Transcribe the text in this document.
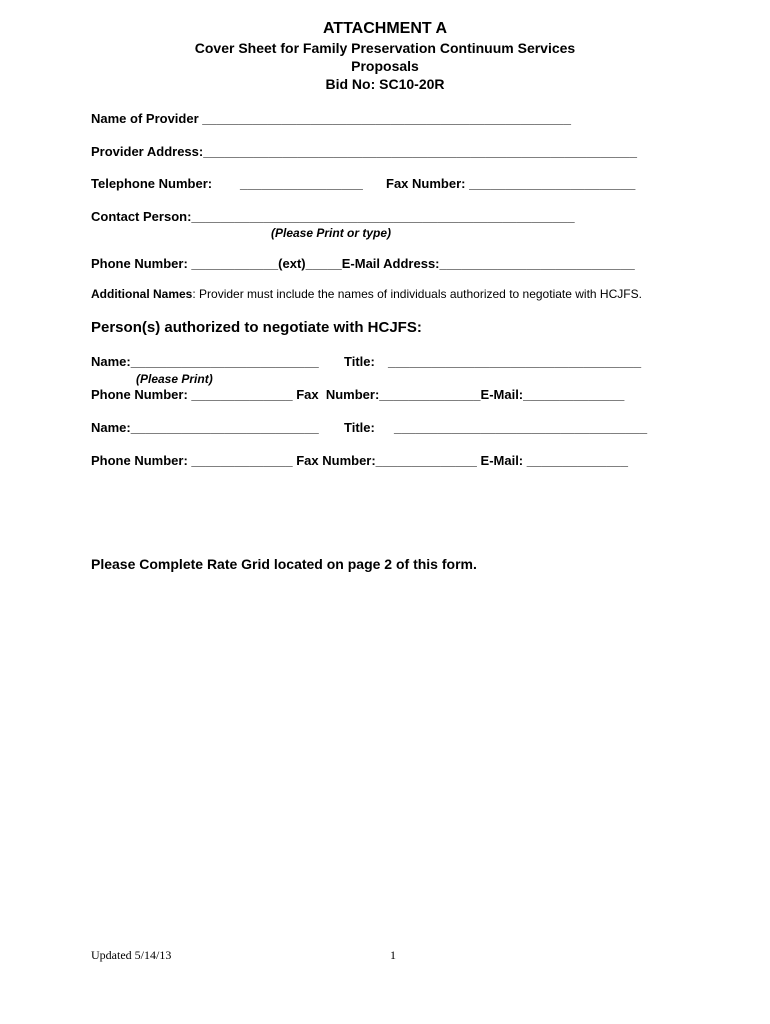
ATTACHMENT A
Cover Sheet for Family Preservation Continuum Services
Proposals
Bid No: SC10-20R
Name of Provider ___________________________________________________
Provider Address:____________________________________________________________
Telephone Number: _________________ Fax Number: _______________________
Contact Person:_____________________________________________________
(Please Print or type)
Phone Number: ____________(ext)_____E-Mail Address:___________________________
Additional Names: Provider must include the names of individuals authorized to negotiate with HCJFS.
Person(s) authorized to negotiate with HCJFS:
Name:__________________________ Title: ___________________________________
(Please Print)
Phone Number: ______________ Fax  Number:______________E-Mail:______________
Name:__________________________ Title: ___________________________________
Phone Number: ______________ Fax Number:______________ E-Mail: ______________
Please Complete Rate Grid located on page 2 of this form.
Updated 5/14/13	1
